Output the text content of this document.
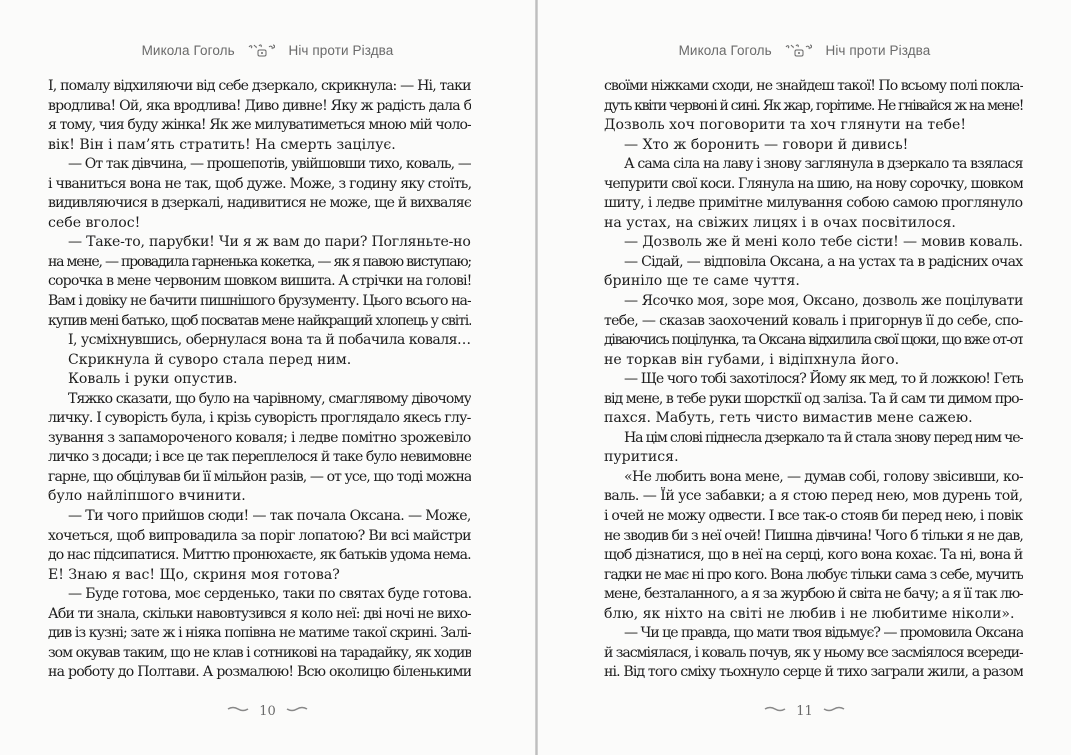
Микола Гоголь	Ніч проти Різдва
І, помалу відхиляючи від себе дзеркало, скрикнула: — Ні, таки
вродлива! Ой, яка вродлива! Диво дивне! Яку ж радість дала б
я тому, чия буду жінка! Як же милуватиметься мною мій чоло-
вік! Він і пам’ять стратить! На смерть зацілує.
— От так дівчина, — прошепотів, увійшовши тихо, коваль, —
і чваниться вона не так, щоб дуже. Може, з годину яку стоїть,
видивляючися в дзеркалі, надивитися не може, ще й вихваляє
себе вголос!
— Таке-то, парубки! Чи я ж вам до пари? Погляньте-но
на мене, — провадила гарненька кокетка, — як я павою виступаю;
сорочка в мене червоним шовком вишита. А стрічки на голові!
Вам і довіку не бачити пишнішого брузументу. Цього всього на-
купив мені батько, щоб посватав мене найкращий хлопець у світі.
І, усміхнувшись, обернулася вона та й побачила коваля…
Скрикнула й суворо стала перед ним.
Коваль і руки опустив.
Тяжко сказати, що було на чарівному, смаглявому дівочому
личку. І суворість була, і крізь суворість проглядало якесь глу-
зування з запамороченого коваля; і ледве помітно зрожевіло
личко з досади; і все це так переплелося й таке було невимовне
гарне, що обцілував би її мільйон разів, — от усе, що тоді можна
було найліпшого вчинити.
— Ти чого прийшов сюди! — так почала Оксана. — Може,
хочеться, щоб випровадила за поріг лопатою? Ви всі майстри
до нас підсипатися. Миттю пронюхаєте, як батьків удома нема.
Е! Знаю я вас! Що, скриня моя готова?
— Буде готова, моє серденько, таки по святах буде готова.
Аби ти знала, скільки навовтузився я коло неї: дві ночі не вихо-
див із кузні; зате ж і ніяка попівна не матиме такої скрині. Залі-
зом окував таким, що не клав і сотникові на тарадайку, як ходив
на роботу до Полтави. А розмалюю! Всю околицю біленькими
10
Микола Гоголь	Ніч проти Різдва
своїми ніжками сходи, не знайдеш такої! По всьому полі поклa-
дуть квіти червоні й сині. Як жар, горітиме. Не гнівайся ж на мене!
Дозволь хоч поговорити та хоч глянути на тебе!
— Хто ж боронить — говори й дивись!
А сама сіла на лаву і знову заглянула в дзеркало та взялася
чепурити свої коси. Глянула на шию, на нову сорочку, шовком
шиту, і ледве примітне милування собою самою проглянуло
на устах, на свіжих лицях і в очах посвітилося.
— Дозволь же й мені коло тебе сісти! — мовив коваль.
— Сідай, — відповіла Оксана, а на устах та в радісних очах
бриніло ще те саме чуття.
— Ясочко моя, зоре моя, Оксано, дозволь же поцілувати
тебе, — сказав заохочений коваль і пригорнув її до себе, спо-
діваючись поцілунка, та Оксана відхилила свої щоки, що вже от-от
не торкав він губами, і відіпхнула його.
— Ще чого тобі захотілося? Йому як мед, то й ложкою! Геть
від мене, в тебе руки шорсткії од заліза. Та й сам ти димом про-
пахся. Мабуть, геть чисто вимастив мене сажею.
На цім слові піднесла дзеркало та й стала знову перед ним че-
пуритися.
«Не любить вона мене, — думав собі, голову звісивши, ко-
валь. — Їй усе забавки; а я стою перед нею, мов дурень той,
і очей не можу одвести. І все так-о стояв би перед нею, і повік
не зводив би з неї очей! Пишна дівчина! Чого б тільки я не дав,
щоб дізнатися, що в неї на серці, кого вона кохає. Та ні, вона й
гадки не має ні про кого. Вона любує тільки сама з себе, мучить
мене, безталанного, а я за журбою й світа не бачу; а я її так лю-
блю, як ніхто на світі не любив і не любитиме ніколи».
— Чи це правда, що мати твоя відьмує? — промовила Оксана
й засміялася, і коваль почув, як у ньому все засміялося всереди-
ні. Від того сміху тьохнуло серце й тихо заграли жили, а разом
11
